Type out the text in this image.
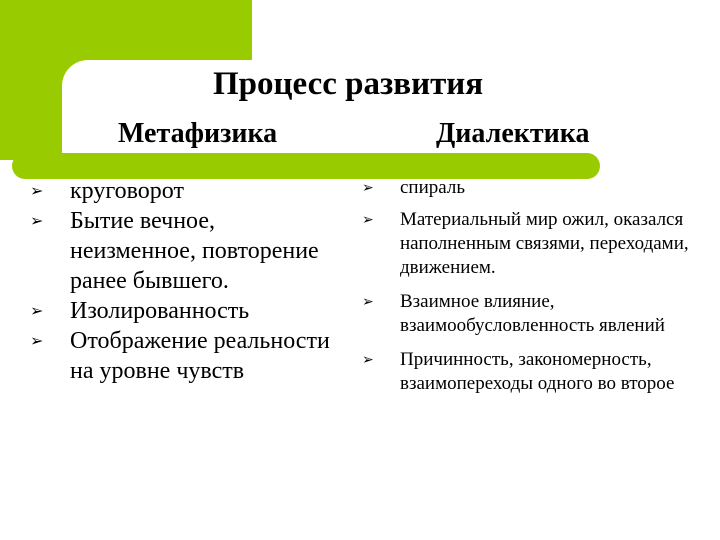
Процесс развития
Метафизика	Диалектика
➢ круговорот
➢ Бытие вечное, неизменное, повторение ранее бывшего.
➢ Изолированность
➢ Отображение реальности на уровне чувств
➢ спираль
➢ Материальный мир ожил, оказался наполненным связями, переходами, движением.
➢ Взаимное влияние, взаимообусловленность явлений
➢ Причинность, закономерность, взаимопереходы одного во второе
